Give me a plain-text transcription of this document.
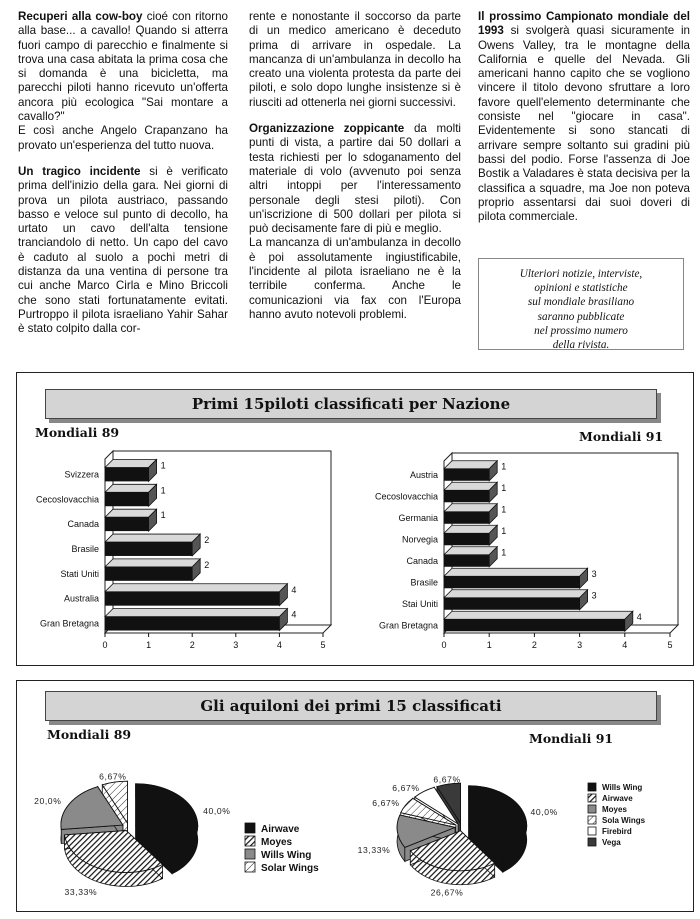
Recuperi alla cow-boy cioé con ritorno alla base... a cavallo! Quando si atterra fuori campo di parecchio e finalmente si trova una casa abitata la prima cosa che si domanda è una bicicletta, ma parecchi piloti hanno ricevuto un'offerta ancora più ecologica "Sai montare a cavallo?"
E così anche Angelo Crapanzano ha provato un'esperienza del tutto nuova.

Un tragico incidente si è verificato prima dell'inizio della gara. Nei giorni di prova un pilota austriaco, passando basso e veloce sul punto di decollo, ha urtato un cavo dell'alta tensione tranciandolo di netto. Un capo del cavo è caduto al suolo a pochi metri di distanza da una ventina di persone tra cui anche Marco Cirla e Mino Briccoli che sono stati fortunatamente evitati. Purtroppo il pilota israeliano Yahir Sahar è stato colpito dalla cor-

rente e nonostante il soccorso da parte di un medico americano è deceduto prima di arrivare in ospedale. La mancanza di un'ambulanza in decollo ha creato una violenta protesta da parte dei piloti, e solo dopo lunghe insistenze si è riusciti ad ottenerla nei giorni successivi.

Organizzazione zoppicante da molti punti di vista, a partire dai 50 dollari a testa richiesti per lo sdoganamento del materiale di volo (avvenuto poi senza altri intoppi per l'interessamento personale degli stesi piloti). Con un'iscrizione di 500 dollari per pilota si può decisamente fare di più e meglio.
La mancanza di un'ambulanza in decollo è poi assolutamente ingiustificabile, l'incidente al pilota israeliano ne è la terribile conferma. Anche le comunicazioni via fax con l'Europa hanno avuto notevoli problemi.

Il prossimo Campionato mondiale del 1993 si svolgerà quasi sicuramente in Owens Valley, tra le montagne della California e quelle del Nevada. Gli americani hanno capito che se vogliono vincere il titolo devono sfruttare a loro favore quell'elemento determinante che consiste nel "giocare in casa". Evidentemente si sono stancati di arrivare sempre soltanto sui gradini più bassi del podio. Forse l'assenza di Joe Bostik a Valadares è stata decisiva per la classifica a squadre, ma Joe non poteva proprio assentarsi dai suoi doveri di pilota commerciale.

Ulteriori notizie, interviste,
opinioni e statistiche
sul mondiale brasiliano
saranno pubblicate
nel prossimo numero
della rivista.
Primi 15piloti classificati per Nazione
Mondiali 89	Mondiali 91
1
Svizzera
1
Cecoslovacchia
1
Canada
2
Brasile
2
Stati Uniti
4
Australia
4
Gran Bretagna
0	1	2	3	4	5
1
Austria
1
Cecoslovacchia
1
Germania
1
Norvegia
1
Canada
3
Brasile
3
Stai Uniti
4
Gran Bretagna
0	1	2	3	4	5
Gli aquiloni dei primi 15 classificati
Mondiali 89	Mondiali 91
6,67%
20,0%
40,0%
33,33%
Airwave
Moyes
Wills Wing
Solar Wings
6,67%
6,67%
6,67%
40,0%
13,33%
26,67%
Wills Wing
Airwave
Moyes
Sola Wings
Firebird
Vega
